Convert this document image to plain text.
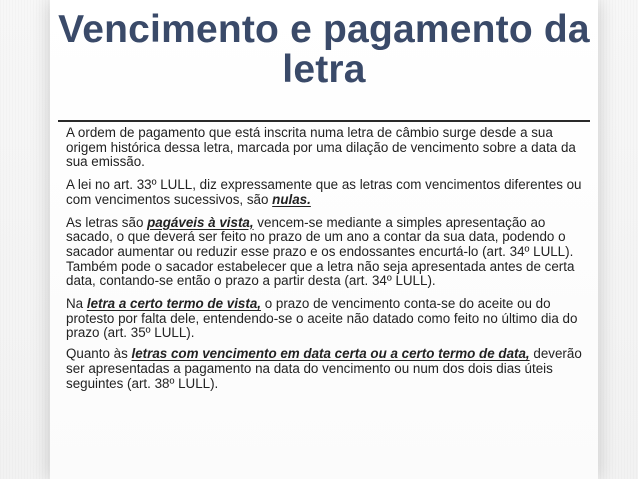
Vencimento e pagamento da letra

A ordem de pagamento que está inscrita numa letra de câmbio surge desde a sua origem histórica dessa letra, marcada por uma dilação de vencimento sobre a data da sua emissão.

A lei no art. 33º LULL, diz expressamente que as letras com vencimentos diferentes ou com vencimentos sucessivos, são nulas.

As letras são pagáveis à vista, vencem-se mediante a simples apresentação ao sacado, o que deverá ser feito no prazo de um ano a contar da sua data, podendo o sacador aumentar ou reduzir esse prazo e os endossantes encurtá-lo (art. 34º LULL). Também pode o sacador estabelecer que a letra não seja apresentada antes de certa data, contando-se então o prazo a partir desta (art. 34º LULL).

Na letra a certo termo de vista, o prazo de vencimento conta-se do aceite ou do protesto por falta dele, entendendo-se o aceite não datado como feito no último dia do prazo (art. 35º LULL).

Quanto às letras com vencimento em data certa ou a certo termo de data, deverão ser apresentadas a pagamento na data do vencimento ou num dos dois dias úteis seguintes (art. 38º LULL).
